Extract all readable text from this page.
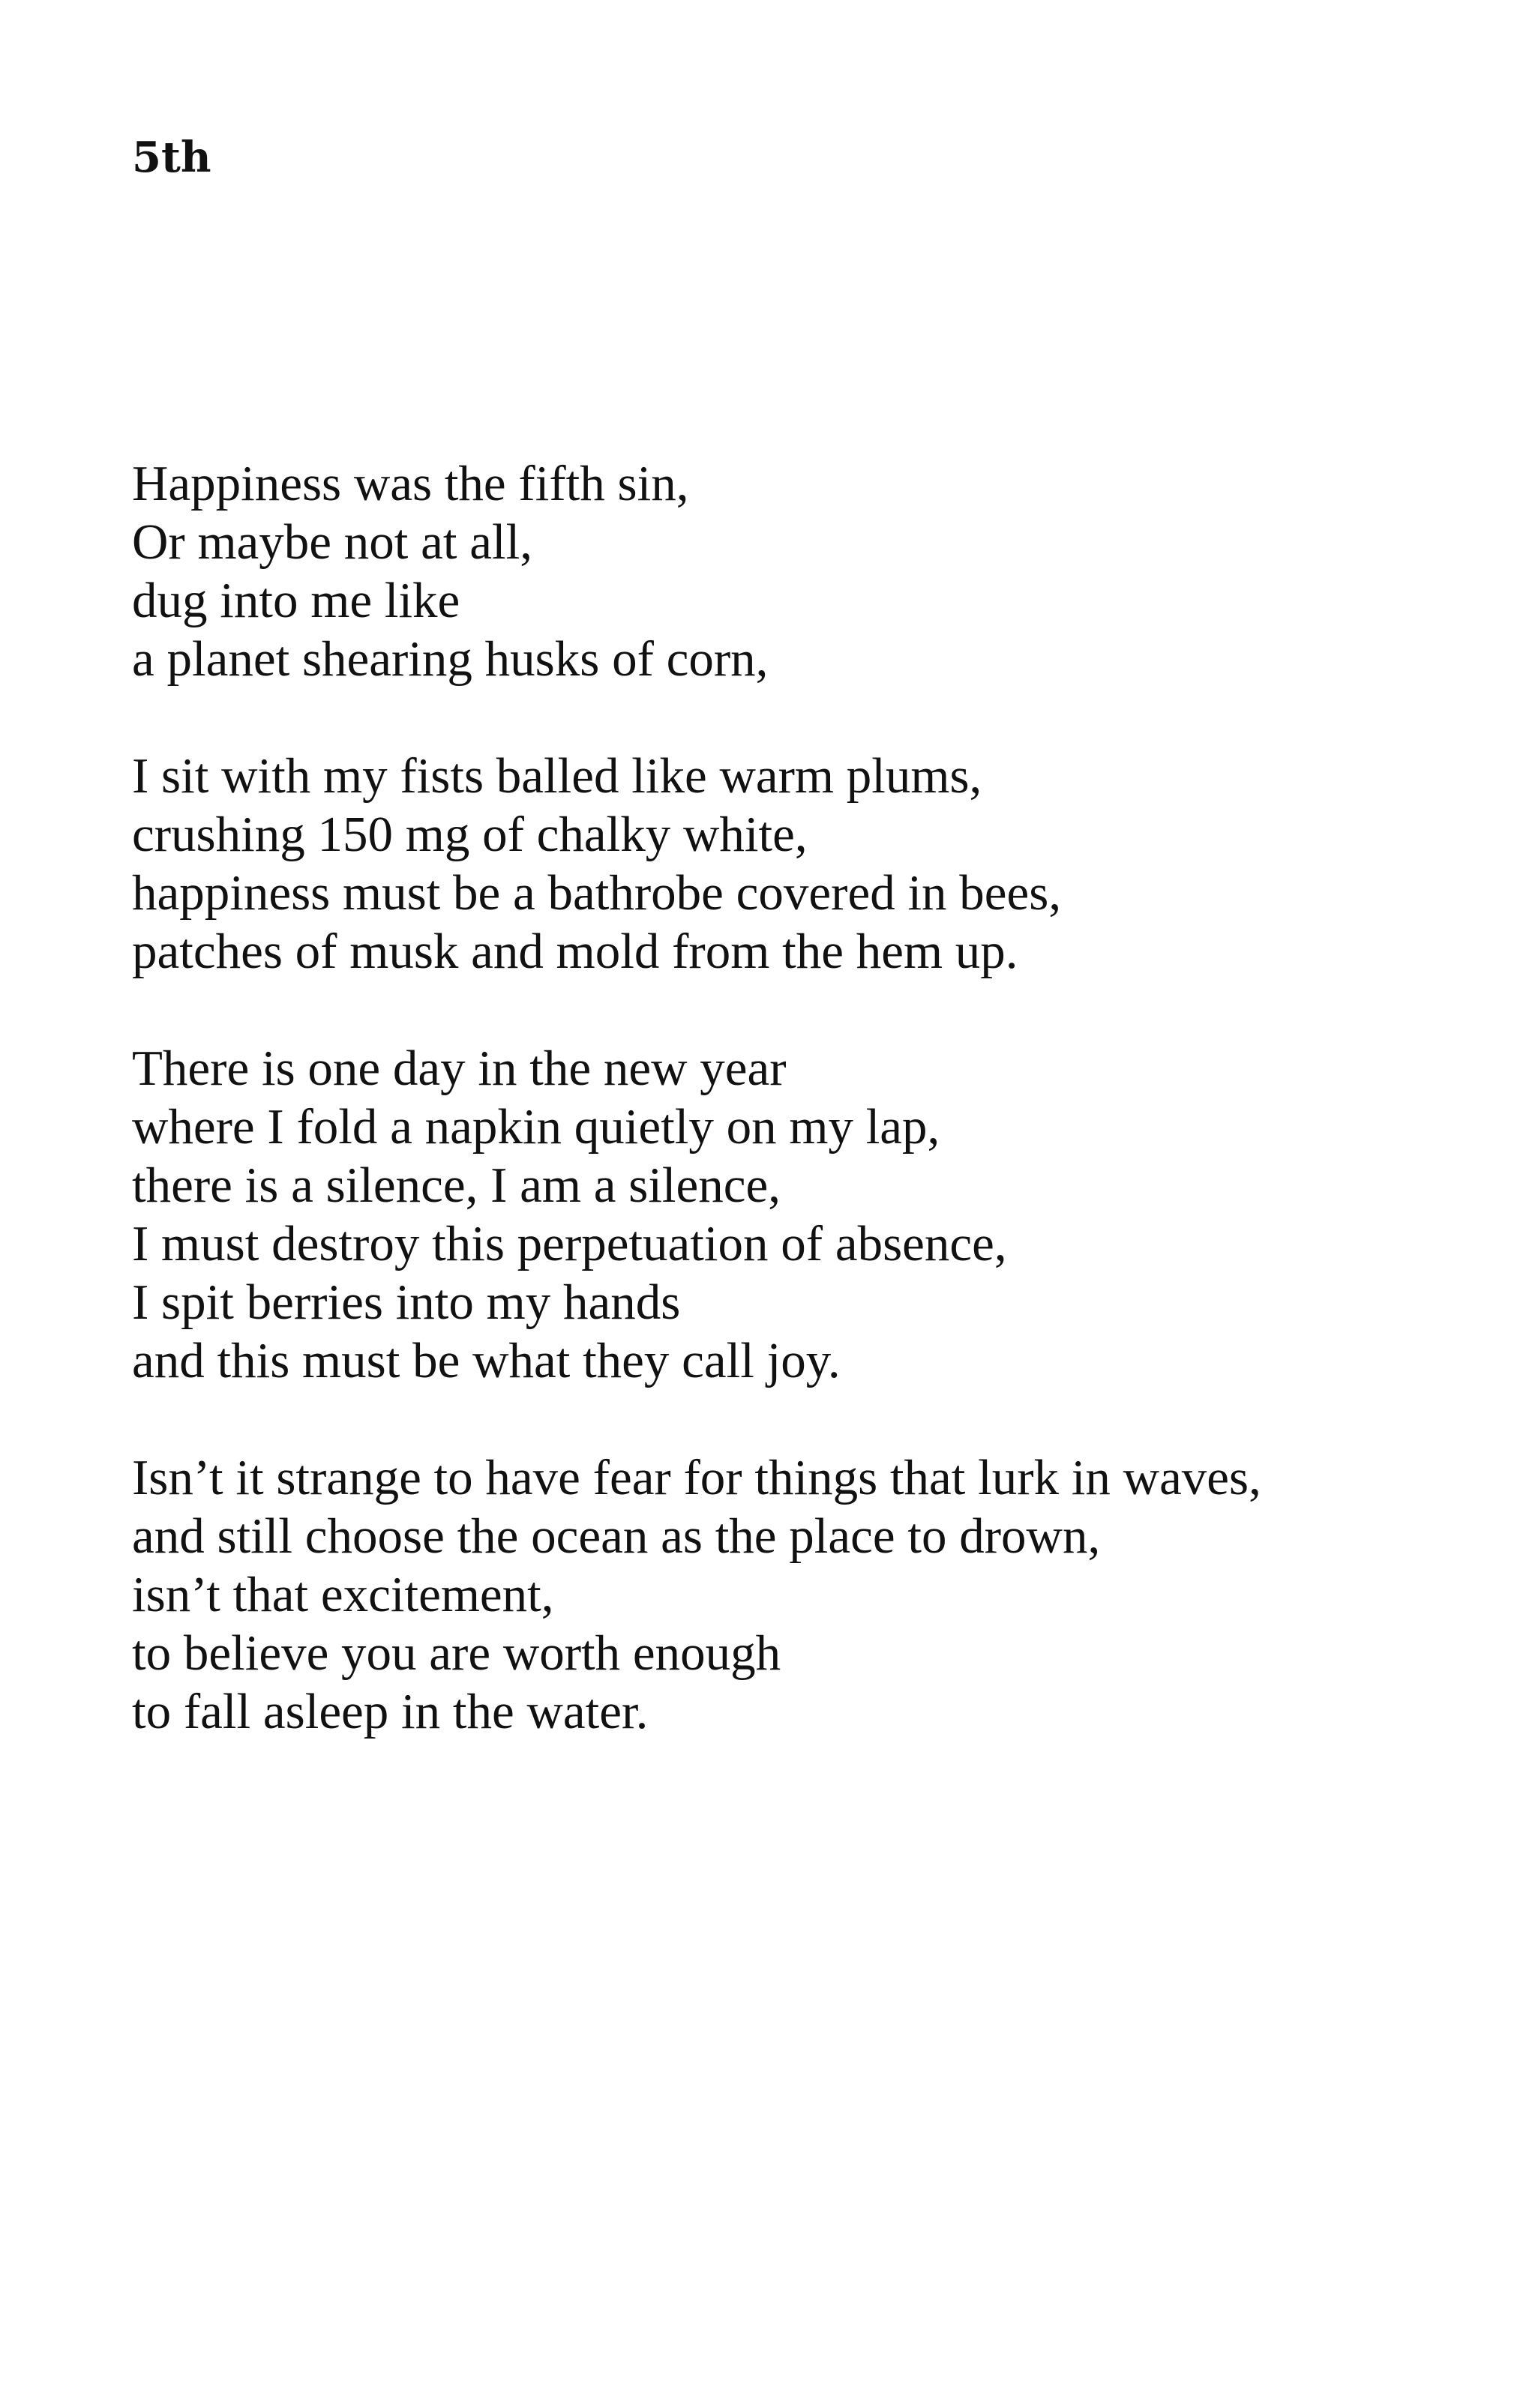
5th
Happiness was the fifth sin,
Or maybe not at all,
dug into me like
a planet shearing husks of corn,
I sit with my fists balled like warm plums,
crushing 150 mg of chalky white,
happiness must be a bathrobe covered in bees,
patches of musk and mold from the hem up.
There is one day in the new year
where I fold a napkin quietly on my lap,
there is a silence, I am a silence,
I must destroy this perpetuation of absence,
I spit berries into my hands
and this must be what they call joy.
Isn’t it strange to have fear for things that lurk in waves,
and still choose the ocean as the place to drown,
isn’t that excitement,
to believe you are worth enough
to fall asleep in the water.
